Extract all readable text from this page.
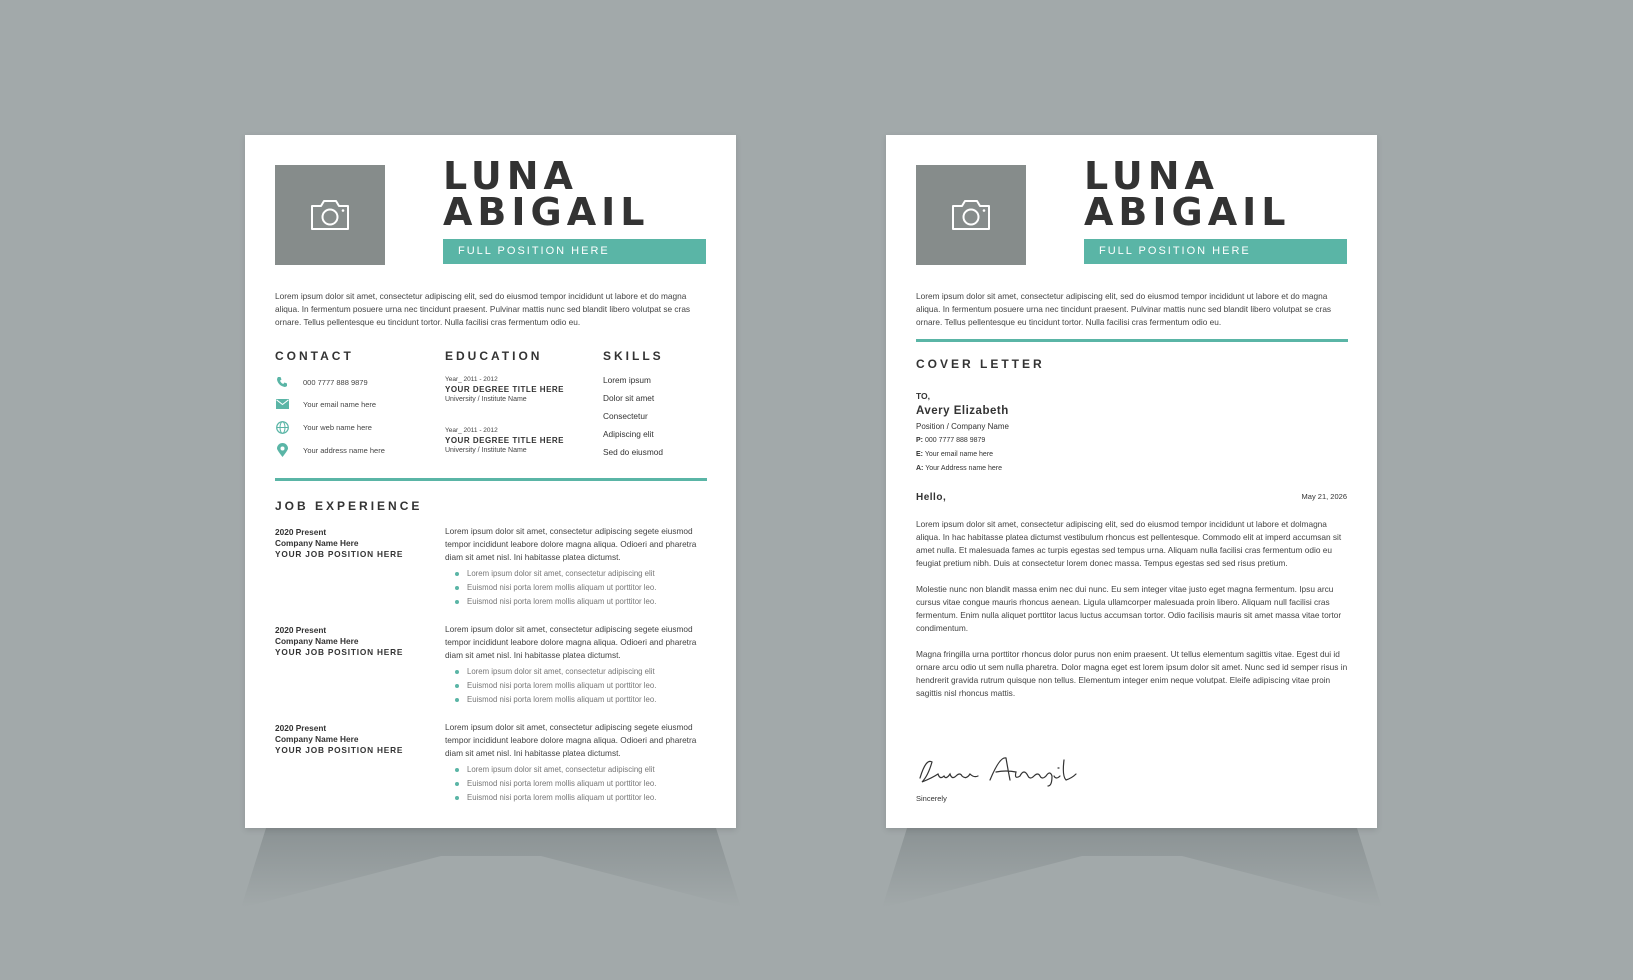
LUNA
ABIGAIL
FULL POSITION HERE

Lorem ipsum dolor sit amet, consectetur adipiscing elit, sed do eiusmod tempor incididunt ut labore et do magna aliqua. In fermentum posuere urna nec tincidunt praesent. Pulvinar mattis nunc sed blandit libero volutpat se cras ornare. Tellus pellentesque eu tincidunt tortor. Nulla facilisi cras fermentum odio eu.

CONTACT
000 7777 888 9879
Your email name here
Your web name here
Your address name here
EDUCATION
Year_ 2011 - 2012
YOUR DEGREE TITLE HERE
University / Institute Name
Year_ 2011 - 2012
YOUR DEGREE TITLE HERE
University / Institute Name
SKILLS
Lorem ipsum
Dolor sit amet
Consectetur
Adipiscing elit
Sed do eiusmod
JOB EXPERIENCE
2020 Present
Company Name Here
YOUR JOB POSITION HERE

Lorem ipsum dolor sit amet, consectetur adipiscing segete eiusmod tempor incididunt leabore dolore magna aliqua. Odioeri and pharetra diam sit amet nisl. Ini habitasse platea dictumst.

Lorem ipsum dolor sit amet, consectetur adipiscing elit
Euismod nisi porta lorem mollis aliquam ut porttitor leo.
Euismod nisi porta lorem mollis aliquam ut porttitor leo.
2020 Present
Company Name Here
YOUR JOB POSITION HERE

Lorem ipsum dolor sit amet, consectetur adipiscing segete eiusmod tempor incididunt leabore dolore magna aliqua. Odioeri and pharetra diam sit amet nisl. Ini habitasse platea dictumst.

Lorem ipsum dolor sit amet, consectetur adipiscing elit
Euismod nisi porta lorem mollis aliquam ut porttitor leo.
Euismod nisi porta lorem mollis aliquam ut porttitor leo.
2020 Present
Company Name Here
YOUR JOB POSITION HERE

Lorem ipsum dolor sit amet, consectetur adipiscing segete eiusmod tempor incididunt leabore dolore magna aliqua. Odioeri and pharetra diam sit amet nisl. Ini habitasse platea dictumst.

Lorem ipsum dolor sit amet, consectetur adipiscing elit
Euismod nisi porta lorem mollis aliquam ut porttitor leo.
Euismod nisi porta lorem mollis aliquam ut porttitor leo.
LUNA
ABIGAIL
FULL POSITION HERE

Lorem ipsum dolor sit amet, consectetur adipiscing elit, sed do eiusmod tempor incididunt ut labore et do magna aliqua. In fermentum posuere urna nec tincidunt praesent. Pulvinar mattis nunc sed blandit libero volutpat se cras ornare. Tellus pellentesque eu tincidunt tortor. Nulla facilisi cras fermentum odio eu.

COVER LETTER
TO,
Avery Elizabeth
Position / Company Name
P: 000 7777 888 9879
E: Your email name here
A: Your Address name here
Hello,	May 21, 2026

Lorem ipsum dolor sit amet, consectetur adipiscing elit, sed do eiusmod tempor incididunt ut labore et dolmagna aliqua. In hac habitasse platea dictumst vestibulum rhoncus est pellentesque. Commodo elit at imperd accumsan sit amet nulla. Et malesuada fames ac turpis egestas sed tempus urna. Aliquam nulla facilisi cras fermentum odio eu feugiat pretium nibh. Duis at consectetur lorem donec massa. Tempus egestas sed sed risus pretium.

Molestie nunc non blandit massa enim nec dui nunc. Eu sem integer vitae justo eget magna fermentum. Ipsu arcu cursus vitae congue mauris rhoncus aenean. Ligula ullamcorper malesuada proin libero. Aliquam null facilisi cras fermentum. Enim nulla aliquet porttitor lacus luctus accumsan tortor. Odio facilisis mauris sit amet massa vitae tortor condimentum.

Magna fringilla urna porttitor rhoncus dolor purus non enim praesent. Ut tellus elementum sagittis vitae. Egest dui id ornare arcu odio ut sem nulla pharetra. Dolor magna eget est lorem ipsum dolor sit amet. Nunc sed id semper risus in hendrerit gravida rutrum quisque non tellus. Elementum integer enim neque volutpat. Eleife adipiscing vitae proin sagittis nisl rhoncus mattis.

Sincerely
